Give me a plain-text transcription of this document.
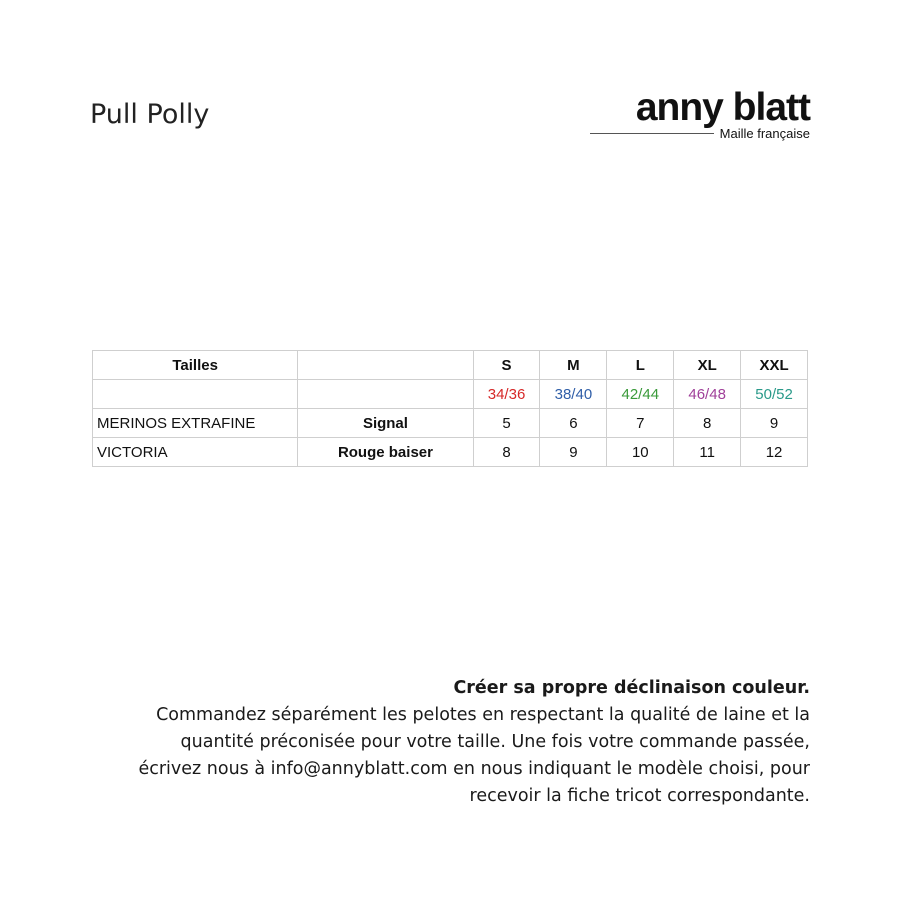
Pull Polly	anny blatt
Maille française
Tailles		S	M	L	XL	XXL
		34/36	38/40	42/44	46/48	50/52
MERINOS EXTRAFINE	Signal	5	6	7	8	9
VICTORIA	Rouge baiser	8	9	10	11	12

Créer sa propre déclinaison couleur.

Commandez séparément les pelotes en respectant la qualité de laine et la

quantité préconisée pour votre taille. Une fois votre commande passée,

écrivez nous à info@annyblatt.com en nous indiquant le modèle choisi, pour

recevoir la fiche tricot correspondante.
